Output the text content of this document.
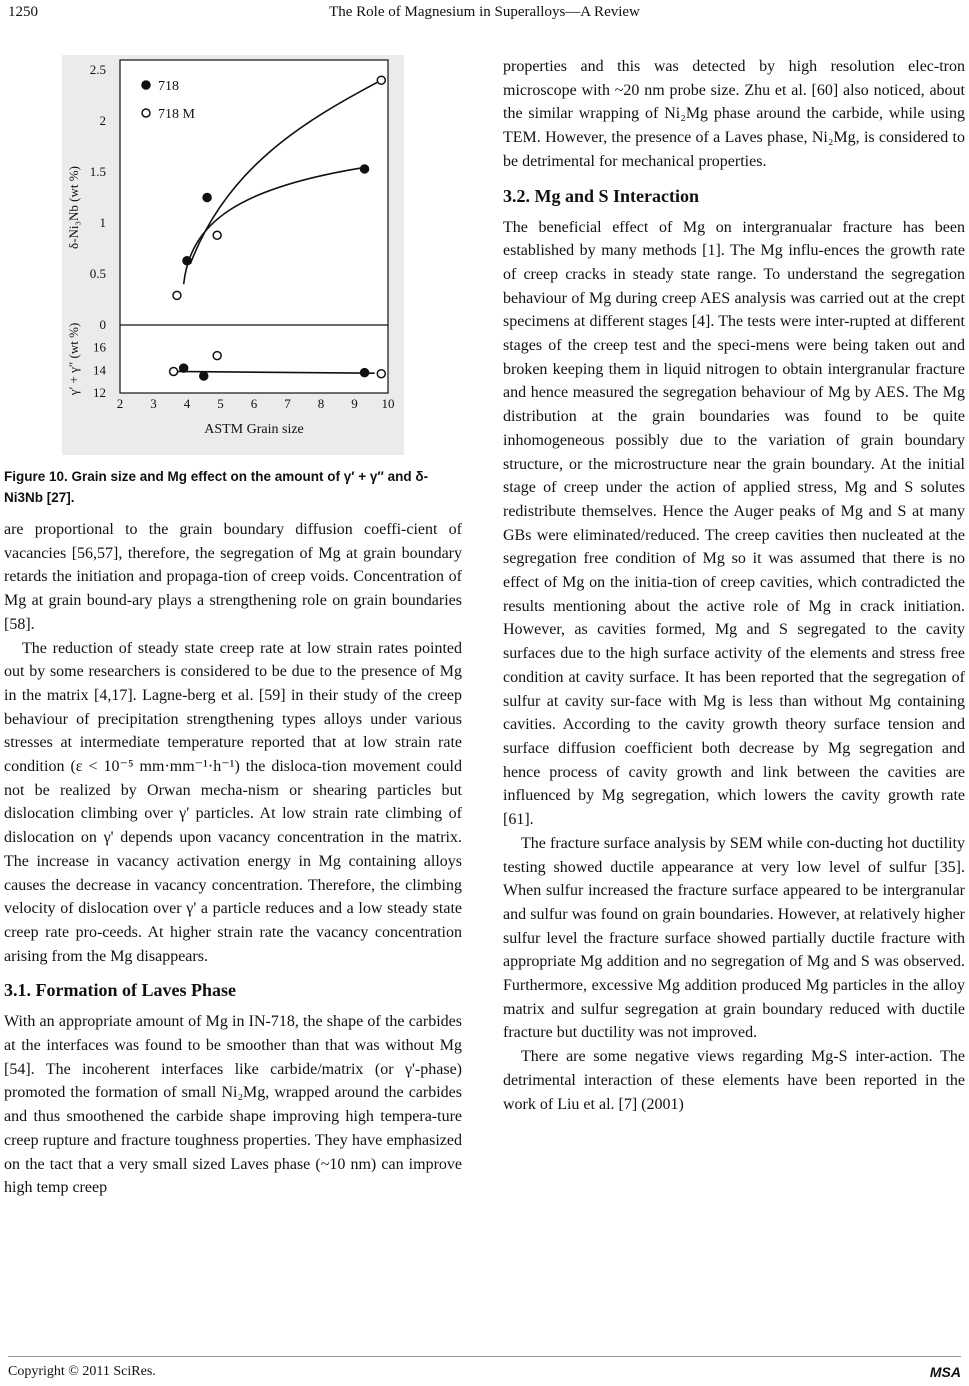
1250	The Role of Magnesium in Superalloys—A Review
0
0.5
1
1.5
2
2.5
12
14
16
2 3 4 5 6 7 8 9 10
ASTM Grain size
δ-Ni₃Nb (wt %)
γ′ + γ″ (wt %)
718
718 M
Figure 10. Grain size and Mg effect on the amount of γ′ + γ″ and δ-Ni3Nb [27].

are proportional to the grain boundary diffusion coeffi-cient of vacancies [56,57], therefore, the segregation of Mg at grain boundary retards the initiation and propaga-tion of creep voids. Concentration of Mg at grain bound-ary plays a strengthening role on grain boundaries [58].

The reduction of steady state creep rate at low strain rates pointed out by some researchers is considered to be due to the presence of Mg in the matrix [4,17]. Lagne-berg et al. [59] in their study of the creep behaviour of precipitation strengthening types alloys under various stresses at intermediate temperature reported that at low strain rate condition (ε < 10⁻⁵ mm·mm⁻¹·h⁻¹) the disloca-tion movement could not be realized by Orwan mecha-nism or shearing particles but dislocation climbing over γ' particles. At low strain rate climbing of dislocation on γ' depends upon vacancy concentration in the matrix. The increase in vacancy activation energy in Mg containing alloys causes the decrease in vacancy concentration. Therefore, the climbing velocity of dislocation over γ' a particle reduces and a low steady state creep rate pro-ceeds. At higher strain rate the vacancy concentration arising from the Mg disappears.

3.1. Formation of Laves Phase

With an appropriate amount of Mg in IN-718, the shape of the carbides at the interfaces was found to be smoother than that was without Mg [54]. The incoherent interfaces like carbide/matrix (or γ'-phase) promoted the formation of small Ni₂Mg, wrapped around the carbides and thus smoothened the carbide shape improving high tempera-ture creep rupture and fracture toughness properties. They have emphasized on the tact that a very small sized Laves phase (~10 nm) can improve high temp creep

properties and this was detected by high resolution elec-tron microscope with ~20 nm probe size. Zhu et al. [60] also noticed, about the similar wrapping of Ni₂Mg phase around the carbide, while using TEM. However, the presence of a Laves phase, Ni₂Mg, is considered to be detrimental for mechanical properties.

3.2. Mg and S Interaction

The beneficial effect of Mg on intergranualar fracture has been established by many methods [1]. The Mg influ-ences the growth rate of creep cracks in steady state range. To understand the segregation behaviour of Mg during creep AES analysis was carried out at the crept specimens at different stages [4]. The tests were inter-rupted at different stages of the creep test and the speci-mens were being taken out and broken keeping them in liquid nitrogen to obtain intergranular fracture and hence measured the segregation behaviour of Mg by AES. The Mg distribution at the grain boundaries was found to be quite inhomogeneous possibly due to the variation of grain boundary structure, or the microstructure near the grain boundary. At the initial stage of creep under the action of applied stress, Mg and S solutes redistribute themselves. Hence the Auger peaks of Mg and S at many GBs were eliminated/reduced. The creep cavities then nucleated at the segregation free condition of Mg so it was assumed that there is no effect of Mg on the initia-tion of creep cavities, which contradicted the results mentioning about the active role of Mg in crack initiation. However, as cavities formed, Mg and S segregated to the cavity surfaces due to the high surface activity of the elements and stress free condition at cavity surface. It has been reported that the segregation of sulfur at cavity sur-face with Mg is less than without Mg containing cavities. According to the cavity growth theory surface tension and surface diffusion coefficient both decrease by Mg segregation and hence process of cavity growth and link between the cavities are influenced by Mg segregation, which lowers the cavity growth rate [61].

The fracture surface analysis by SEM while con-ducting hot ductility testing showed ductile appearance at very low level of sulfur [35]. When sulfur increased the fracture surface appeared to be intergranular and sulfur was found on grain boundaries. However, at relatively higher sulfur level the fracture surface showed partially ductile fracture with appropriate Mg addition and no segregation of Mg and S was observed. Furthermore, excessive Mg addition produced Mg particles in the alloy matrix and sulfur segregation at grain boundary reduced with ductile fracture but ductility was not improved.

There are some negative views regarding Mg-S inter-action. The detrimental interaction of these elements have been reported in the work of Liu et al. [7] (2001)

Copyright © 2011 SciRes.	MSA
